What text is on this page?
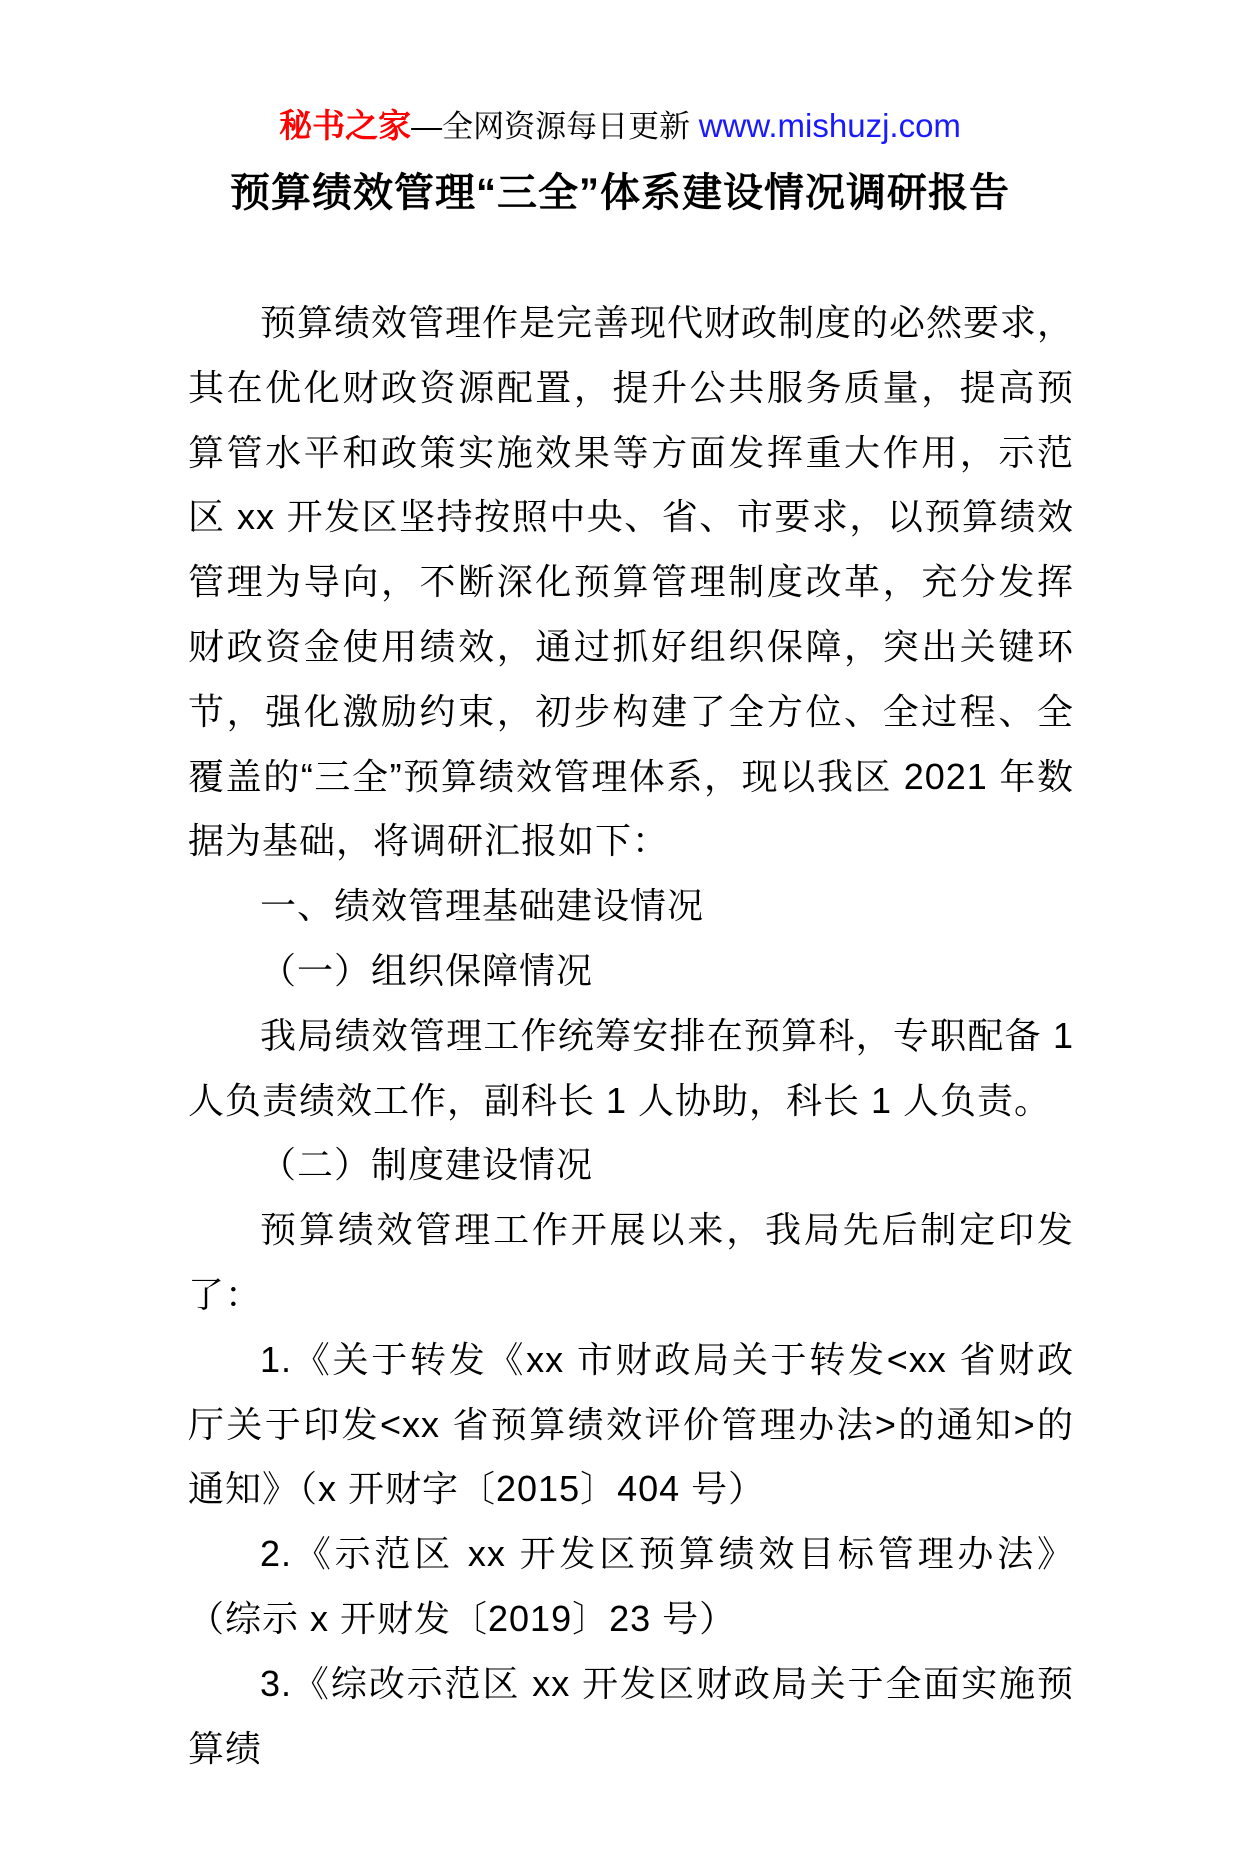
秘书之家—全网资源每日更新 www.mishuzj.com
预算绩效管理“三全”体系建设情况调研报告

预算绩效管理作是完善现代财政制度的必然要求，其在优化财政资源配置，提升公共服务质量，提高预算管水平和政策实施效果等方面发挥重大作用，示范区 xx 开发区坚持按照中央、省、市要求，以预算绩效管理为导向，不断深化预算管理制度改革，充分发挥财政资金使用绩效，通过抓好组织保障，突出关键环节，强化激励约束，初步构建了全方位、全过程、全覆盖的“三全”预算绩效管理体系，现以我区 2021 年数据为基础，将调研汇报如下：

一、绩效管理基础建设情况

（一）组织保障情况

我局绩效管理工作统筹安排在预算科，专职配备 1 人负责绩效工作，副科长 1 人协助，科长 1 人负责。

（二）制度建设情况

预算绩效管理工作开展以来，我局先后制定印发了：

1.《关于转发《xx 市财政局关于转发<xx 省财政厅关于印发<xx 省预算绩效评价管理办法>的通知>的通知》（x 开财字〔2015〕404 号）

2.《示范区 xx 开发区预算绩效目标管理办法》（综示 x 开财发〔2019〕23 号）

3.《综改示范区 xx 开发区财政局关于全面实施预算绩
